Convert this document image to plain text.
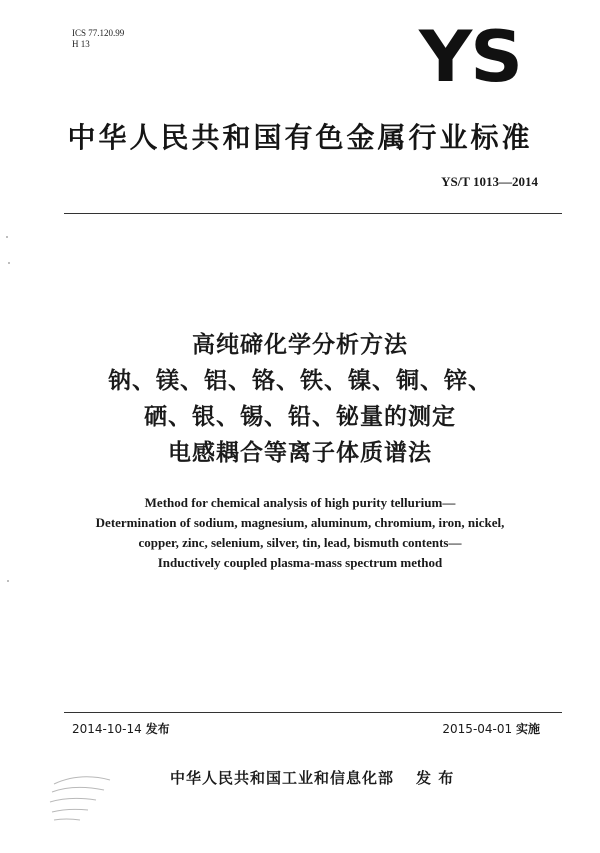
ICS 77.120.99
H 13	YS
中华人民共和国有色金属行业标准
YS/T 1013—2014
高纯碲化学分析方法
钠、镁、铝、铬、铁、镍、铜、锌、
硒、银、锡、铅、铋量的测定
电感耦合等离子体质谱法
Method for chemical analysis of high purity tellurium—
Determination of sodium, magnesium, aluminum, chromium, iron, nickel,
copper, zinc, selenium, silver, tin, lead, bismuth contents—
Inductively coupled plasma-mass spectrum method
2014-10-14 发布	2015-04-01 实施
中华人民共和国工业和信息化部 发 布
